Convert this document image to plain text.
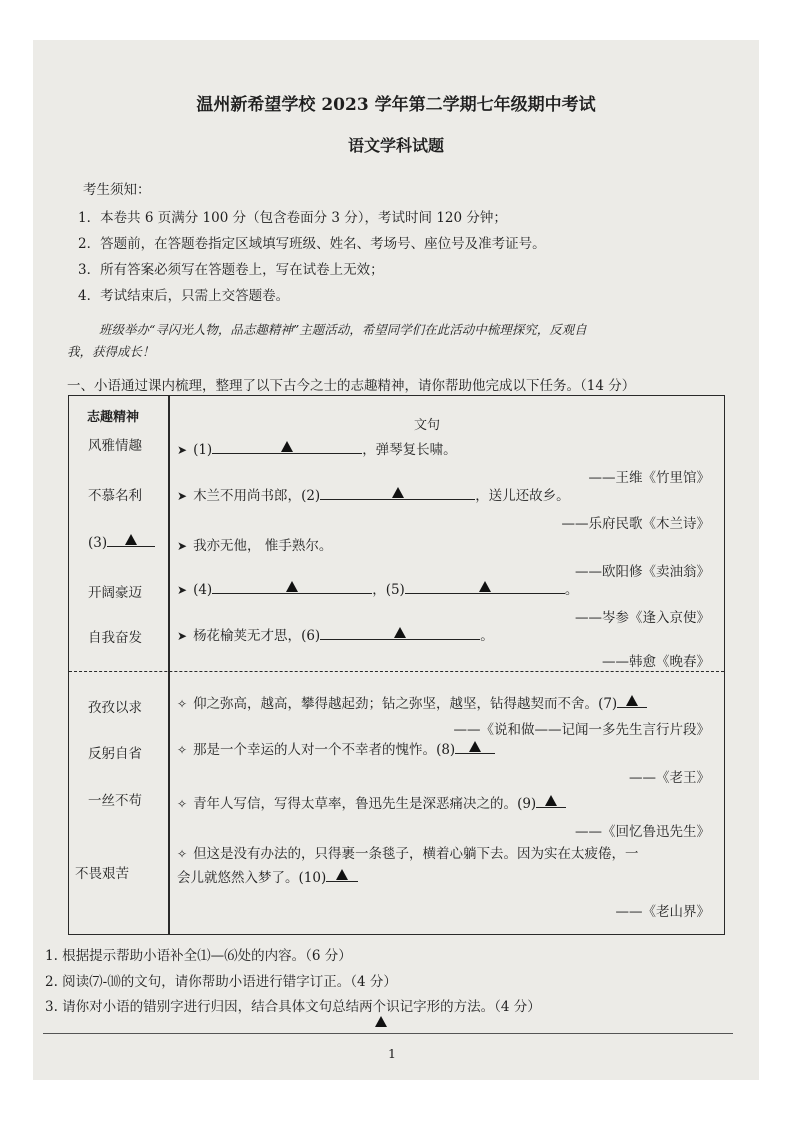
温州新希望学校 2023 学年第二学期七年级期中考试
语文学科试题
考生须知：
1．本卷共 6 页满分 100 分（包含卷面分 3 分），考试时间 120 分钟；
2．答题前，在答题卷指定区域填写班级、姓名、考场号、座位号及准考证号。
3．所有答案必须写在答题卷上，写在试卷上无效；
4．考试结束后，只需上交答题卷。
班级举办“寻闪光人物，品志趣精神”主题活动，希望同学们在此活动中梳理探究，反观自
我，获得成长！
一、小语通过课内梳理，整理了以下古今之士的志趣精神，请你帮助他完成以下任务。（14 分）
志趣精神
文句
风雅情趣	➤ (1)	，弹琴复长啸。
——王维《竹里馆》
不慕名利	➤ 木兰不用尚书郎，(2)	，送儿还故乡。
——乐府民歌《木兰诗》
(3)	➤ 我亦无他， 惟手熟尔。
——欧阳修《卖油翁》
开阔豪迈	➤ (4)	，(5)	。
——岑参《逢入京使》
自我奋发	➤ 杨花榆荚无才思，(6)	。
——韩愈《晚春》
孜孜以求	✧ 仰之弥高，越高，攀得越起劲；钻之弥坚，越坚，钻得越契而不舍。(7)
——《说和做——记闻一多先生言行片段》
反躬自省	✧ 那是一个幸运的人对一个不幸者的愧怍。(8)
——《老王》
一丝不苟	✧ 青年人写信，写得太草率，鲁迅先生是深恶痛决之的。(9)
——《回忆鲁迅先生》
不畏艰苦
✧ 但这是没有办法的，只得裹一条毯子，横着心躺下去。因为实在太疲倦，一
会儿就悠然入梦了。(10)
——《老山界》
1. 根据提示帮助小语补全⑴—⑹处的内容。（6 分）
2. 阅读⑺-⑽的文句，请你帮助小语进行错字订正。（4 分）
3. 请你对小语的错别字进行归因，结合具体文句总结两个识记字形的方法。（4 分）
1
